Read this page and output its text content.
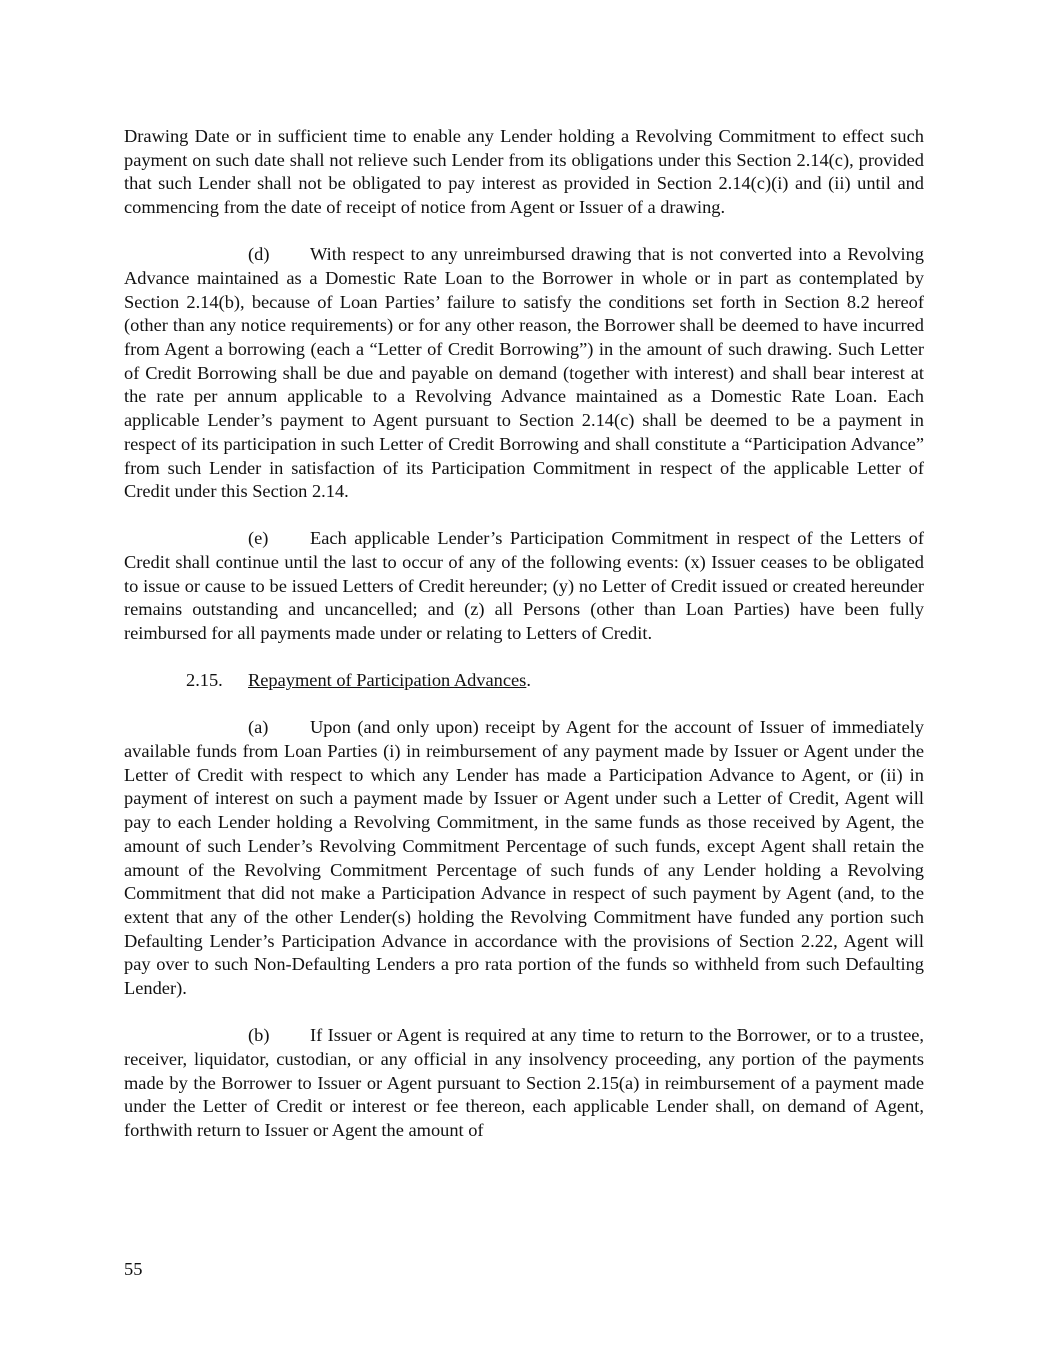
Drawing Date or in sufficient time to enable any Lender holding a Revolving Commitment to effect such payment on such date shall not relieve such Lender from its obligations under this Section 2.14(c), provided that such Lender shall not be obligated to pay interest as provided in Section 2.14(c)(i) and (ii) until and commencing from the date of receipt of notice from Agent or Issuer of a drawing.

(d) With respect to any unreimbursed drawing that is not converted into a Revolving Advance maintained as a Domestic Rate Loan to the Borrower in whole or in part as contemplated by Section 2.14(b), because of Loan Parties’ failure to satisfy the conditions set forth in Section 8.2 hereof (other than any notice requirements) or for any other reason, the Borrower shall be deemed to have incurred from Agent a borrowing (each a “Letter of Credit Borrowing”) in the amount of such drawing. Such Letter of Credit Borrowing shall be due and payable on demand (together with interest) and shall bear interest at the rate per annum applicable to a Revolving Advance maintained as a Domestic Rate Loan. Each applicable Lender’s payment to Agent pursuant to Section 2.14(c) shall be deemed to be a payment in respect of its participation in such Letter of Credit Borrowing and shall constitute a “Participation Advance” from such Lender in satisfaction of its Participation Commitment in respect of the applicable Letter of Credit under this Section 2.14.

(e) Each applicable Lender’s Participation Commitment in respect of the Letters of Credit shall continue until the last to occur of any of the following events: (x) Issuer ceases to be obligated to issue or cause to be issued Letters of Credit hereunder; (y) no Letter of Credit issued or created hereunder remains outstanding and uncancelled; and (z) all Persons (other than Loan Parties) have been fully reimbursed for all payments made under or relating to Letters of Credit.

2.15. Repayment of Participation Advances.

(a) Upon (and only upon) receipt by Agent for the account of Issuer of immediately available funds from Loan Parties (i) in reimbursement of any payment made by Issuer or Agent under the Letter of Credit with respect to which any Lender has made a Participation Advance to Agent, or (ii) in payment of interest on such a payment made by Issuer or Agent under such a Letter of Credit, Agent will pay to each Lender holding a Revolving Commitment, in the same funds as those received by Agent, the amount of such Lender’s Revolving Commitment Percentage of such funds, except Agent shall retain the amount of the Revolving Commitment Percentage of such funds of any Lender holding a Revolving Commitment that did not make a Participation Advance in respect of such payment by Agent (and, to the extent that any of the other Lender(s) holding the Revolving Commitment have funded any portion such Defaulting Lender’s Participation Advance in accordance with the provisions of Section 2.22, Agent will pay over to such Non-Defaulting Lenders a pro rata portion of the funds so withheld from such Defaulting Lender).

(b) If Issuer or Agent is required at any time to return to the Borrower, or to a trustee, receiver, liquidator, custodian, or any official in any insolvency proceeding, any portion of the payments made by the Borrower to Issuer or Agent pursuant to Section 2.15(a) in reimbursement of a payment made under the Letter of Credit or interest or fee thereon, each applicable Lender shall, on demand of Agent, forthwith return to Issuer or Agent the amount of

55
